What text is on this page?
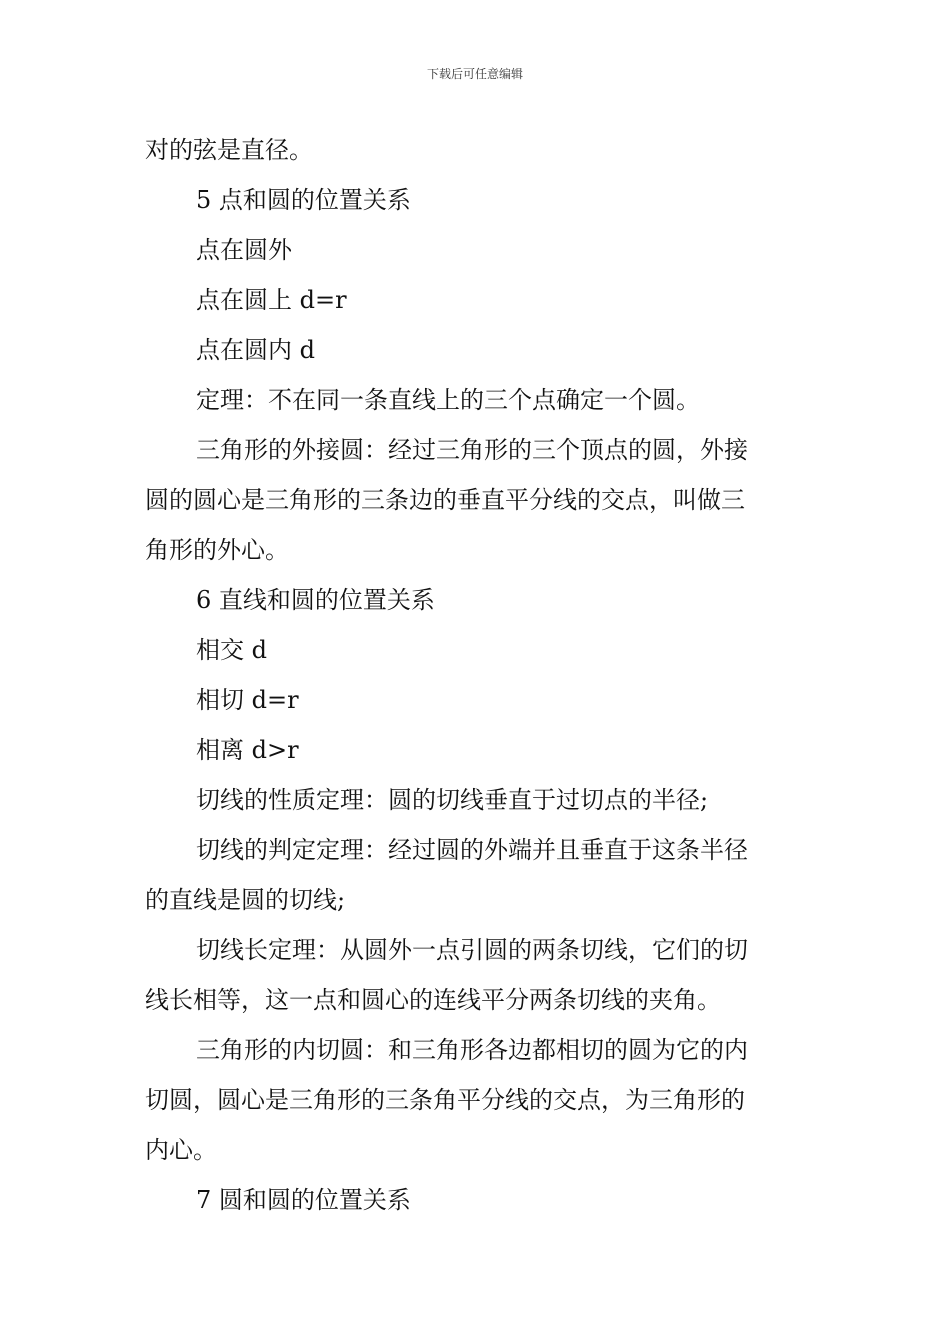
下载后可任意编辑
对的弦是直径。
5 点和圆的位置关系
点在圆外
点在圆上 d=r
点在圆内 d
定理：不在同一条直线上的三个点确定一个圆。
三角形的外接圆：经过三角形的三个顶点的圆，外接
圆的圆心是三角形的三条边的垂直平分线的交点，叫做三
角形的外心。
6 直线和圆的位置关系
相交 d
相切 d=r
相离 d>r
切线的性质定理：圆的切线垂直于过切点的半径;
切线的判定定理：经过圆的外端并且垂直于这条半径
的直线是圆的切线;
切线长定理：从圆外一点引圆的两条切线，它们的切
线长相等，这一点和圆心的连线平分两条切线的夹角。
三角形的内切圆：和三角形各边都相切的圆为它的内
切圆，圆心是三角形的三条角平分线的交点，为三角形的
内心。
7 圆和圆的位置关系
